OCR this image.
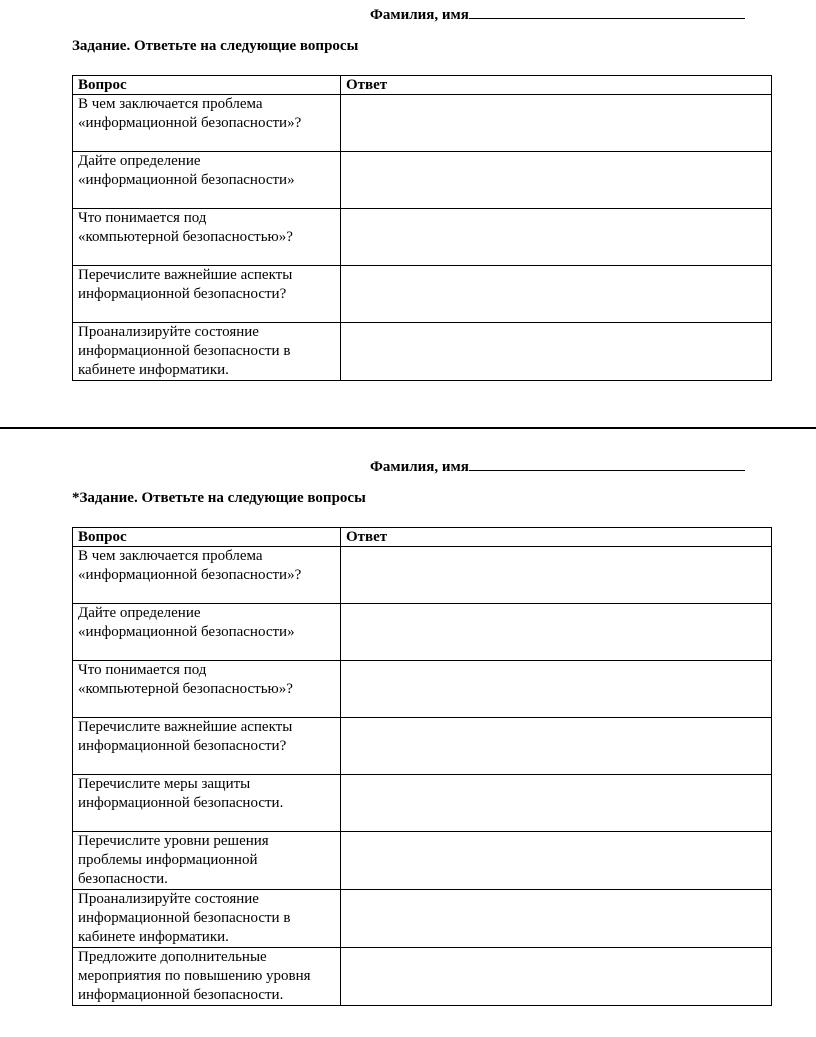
Фамилия, имя
Задание. Ответьте на следующие вопросы
Вопрос	Ответ

В чем заключается проблема
«информационной безопасности»?	

Дайте определение
«информационной безопасности»	

Что понимается под
«компьютерной безопасностью»?	

Перечислите важнейшие аспекты
информационной безопасности?	

Проанализируйте состояние
информационной безопасности в
кабинете информатики.	

Фамилия, имя
*Задание. Ответьте на следующие вопросы
Вопрос	Ответ

В чем заключается проблема
«информационной безопасности»?	

Дайте определение
«информационной безопасности»	

Что понимается под
«компьютерной безопасностью»?	

Перечислите важнейшие аспекты
информационной безопасности?	

Перечислите меры защиты
информационной безопасности.	

Перечислите уровни решения
проблемы информационной
безопасности.	

Проанализируйте состояние
информационной безопасности в
кабинете информатики.	

Предложите дополнительные
мероприятия по повышению уровня
информационной безопасности.	
